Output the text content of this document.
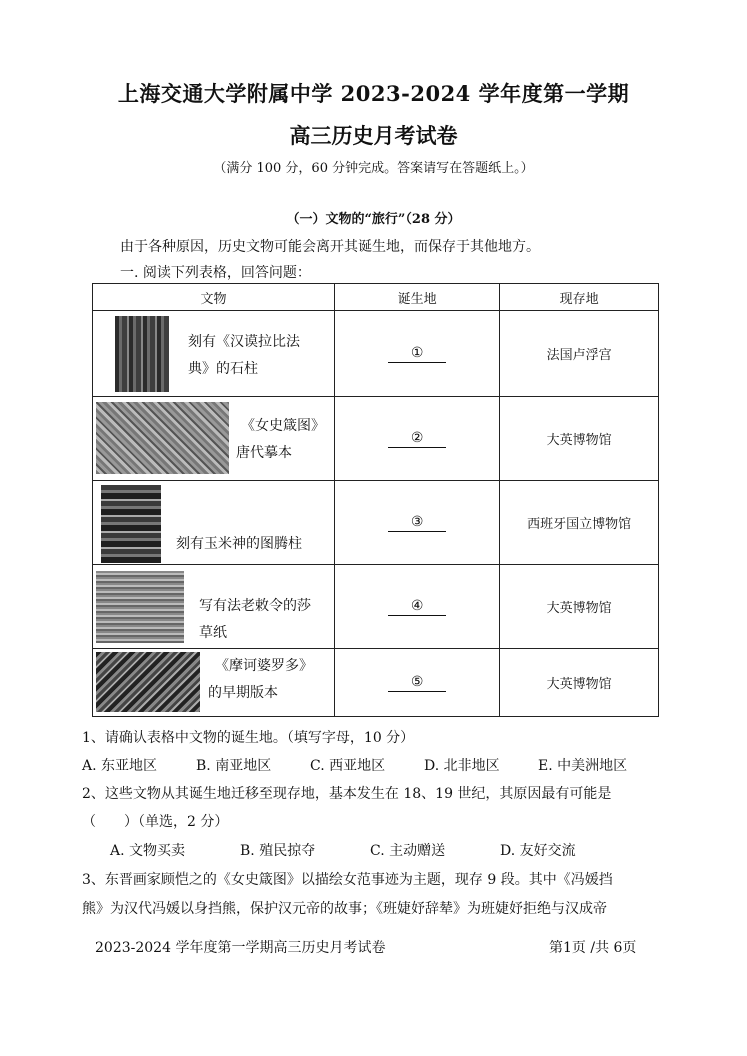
上海交通大学附属中学 2023-2024 学年度第一学期
高三历史月考试卷
（满分 100 分，60 分钟完成。答案请写在答题纸上。）
（一）文物的“旅行”（28 分）
由于各种原因，历史文物可能会离开其诞生地，而保存于其他地方。
一. 阅读下列表格，回答问题：
文物	诞生地	现存地

刻有《汉谟拉比法
典》的石柱	①	法国卢浮宫

《女史箴图》
唐代摹本	②	大英博物馆

刻有玉米神的图腾柱	③	西班牙国立博物馆

写有法老敕令的莎
草纸	④	大英博物馆

《摩诃婆罗多》
的早期版本	⑤	大英博物馆
1、请确认表格中文物的诞生地。（填写字母，10 分）
A. 东亚地区	B. 南亚地区	C. 西亚地区	D. 北非地区	E. 中美洲地区
2、这些文物从其诞生地迁移至现存地，基本发生在 18、19 世纪，其原因最有可能是
（　　）（单选，2 分）
A. 文物买卖	B. 殖民掠夺	C. 主动赠送	D. 友好交流
3、东晋画家顾恺之的《女史箴图》以描绘女范事迹为主题，现存 9 段。其中《冯媛挡
熊》为汉代冯媛以身挡熊，保护汉元帝的故事；《班婕妤辞辇》为班婕妤拒绝与汉成帝
2023-2024 学年度第一学期高三历史月考试卷	第1页 /共 6页
